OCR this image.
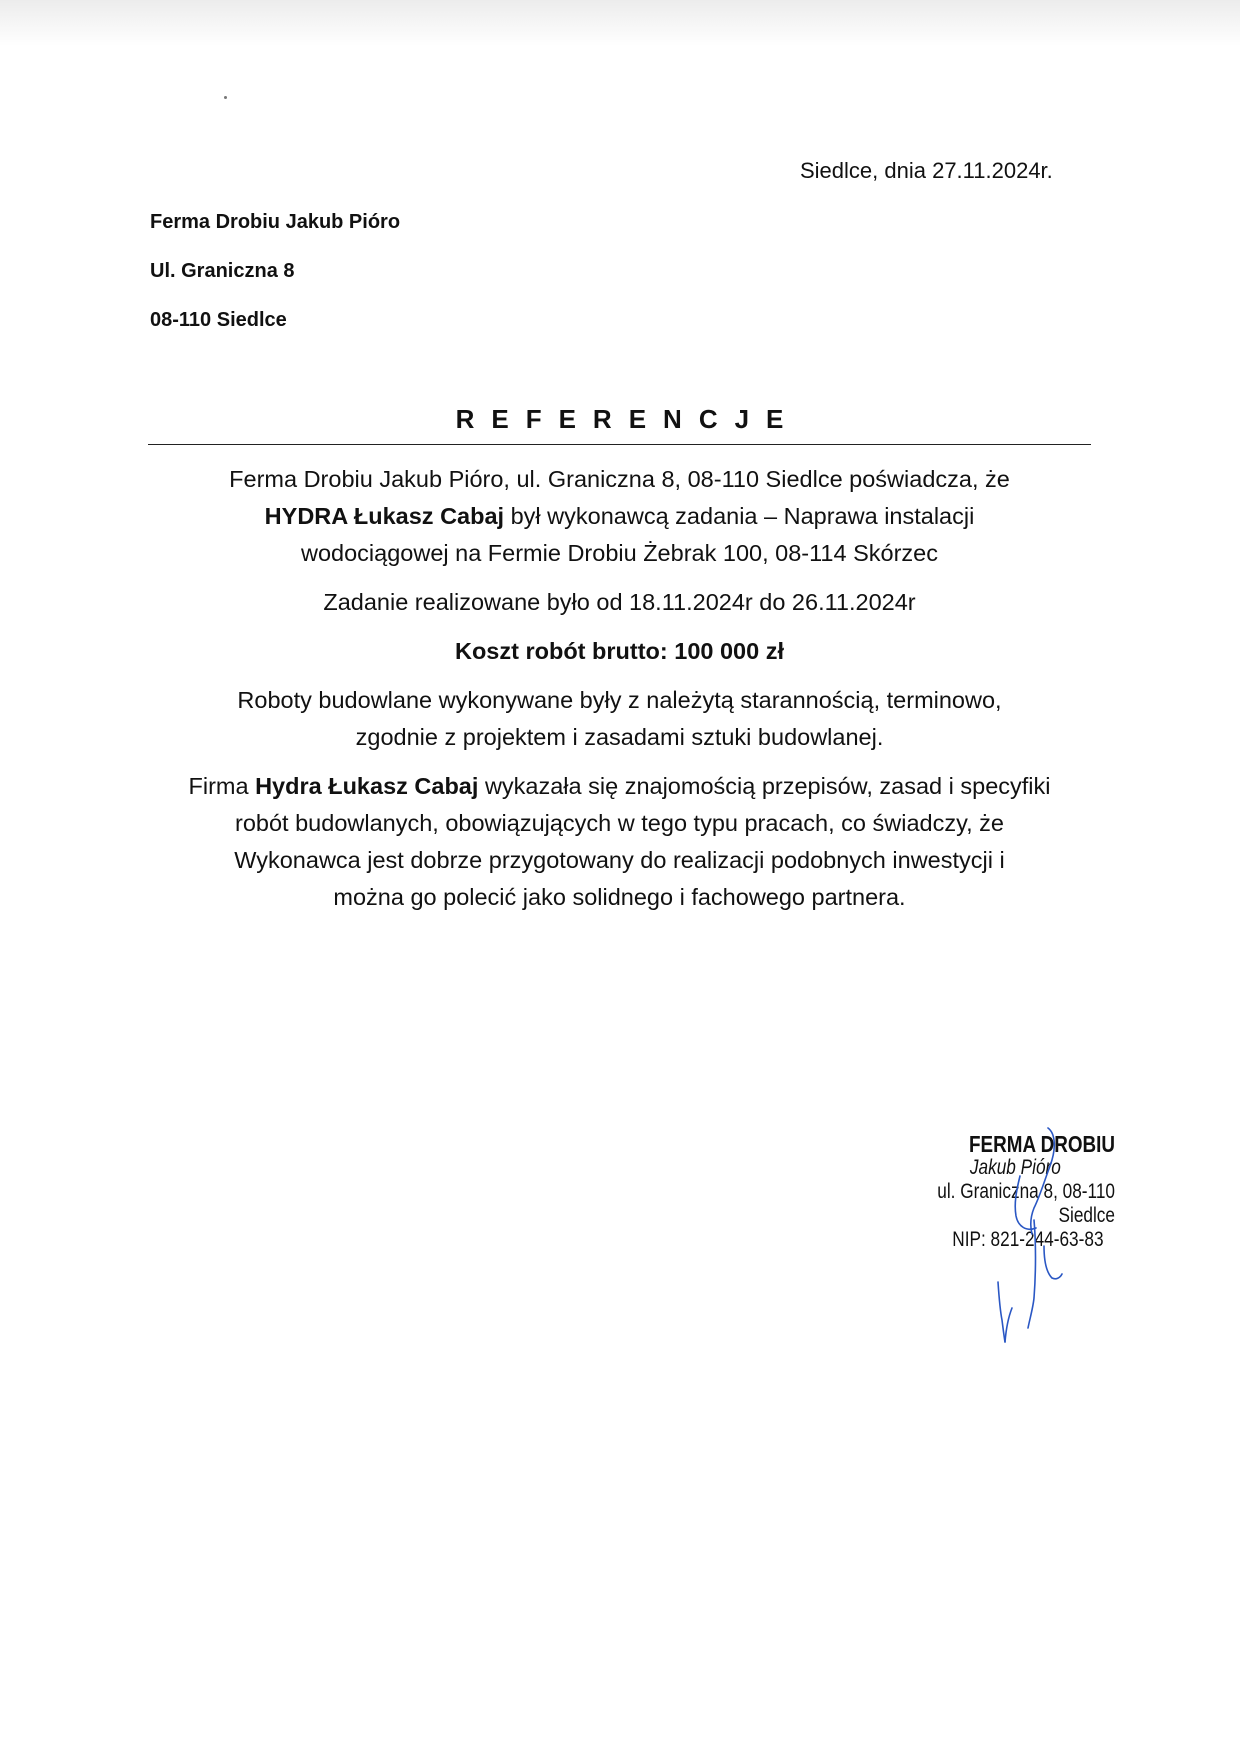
Siedlce, dnia 27.11.2024r.
Ferma Drobiu Jakub Pióro
Ul. Graniczna 8
08-110 Siedlce
REFERENCJE

Ferma Drobiu Jakub Pióro, ul. Graniczna 8, 08-110 Siedlce poświadcza, że
HYDRA Łukasz Cabaj był wykonawcą zadania – Naprawa instalacji
wodociągowej na Fermie Drobiu Żebrak 100, 08-114 Skórzec

Zadanie realizowane było od 18.11.2024r do 26.11.2024r

Koszt robót brutto: 100 000 zł

Roboty budowlane wykonywane były z należytą starannością, terminowo,
zgodnie z projektem i zasadami sztuki budowlanej.

Firma Hydra Łukasz Cabaj wykazała się znajomością przepisów, zasad i specyfiki
robót budowlanych, obowiązujących w tego typu pracach, co świadczy, że
Wykonawca jest dobrze przygotowany do realizacji podobnych inwestycji i
można go polecić jako solidnego i fachowego partnera.

FERMA DROBIU
Jakub Pióro
ul. Graniczna 8, 08-110 Siedlce
NIP: 821-244-63-83
